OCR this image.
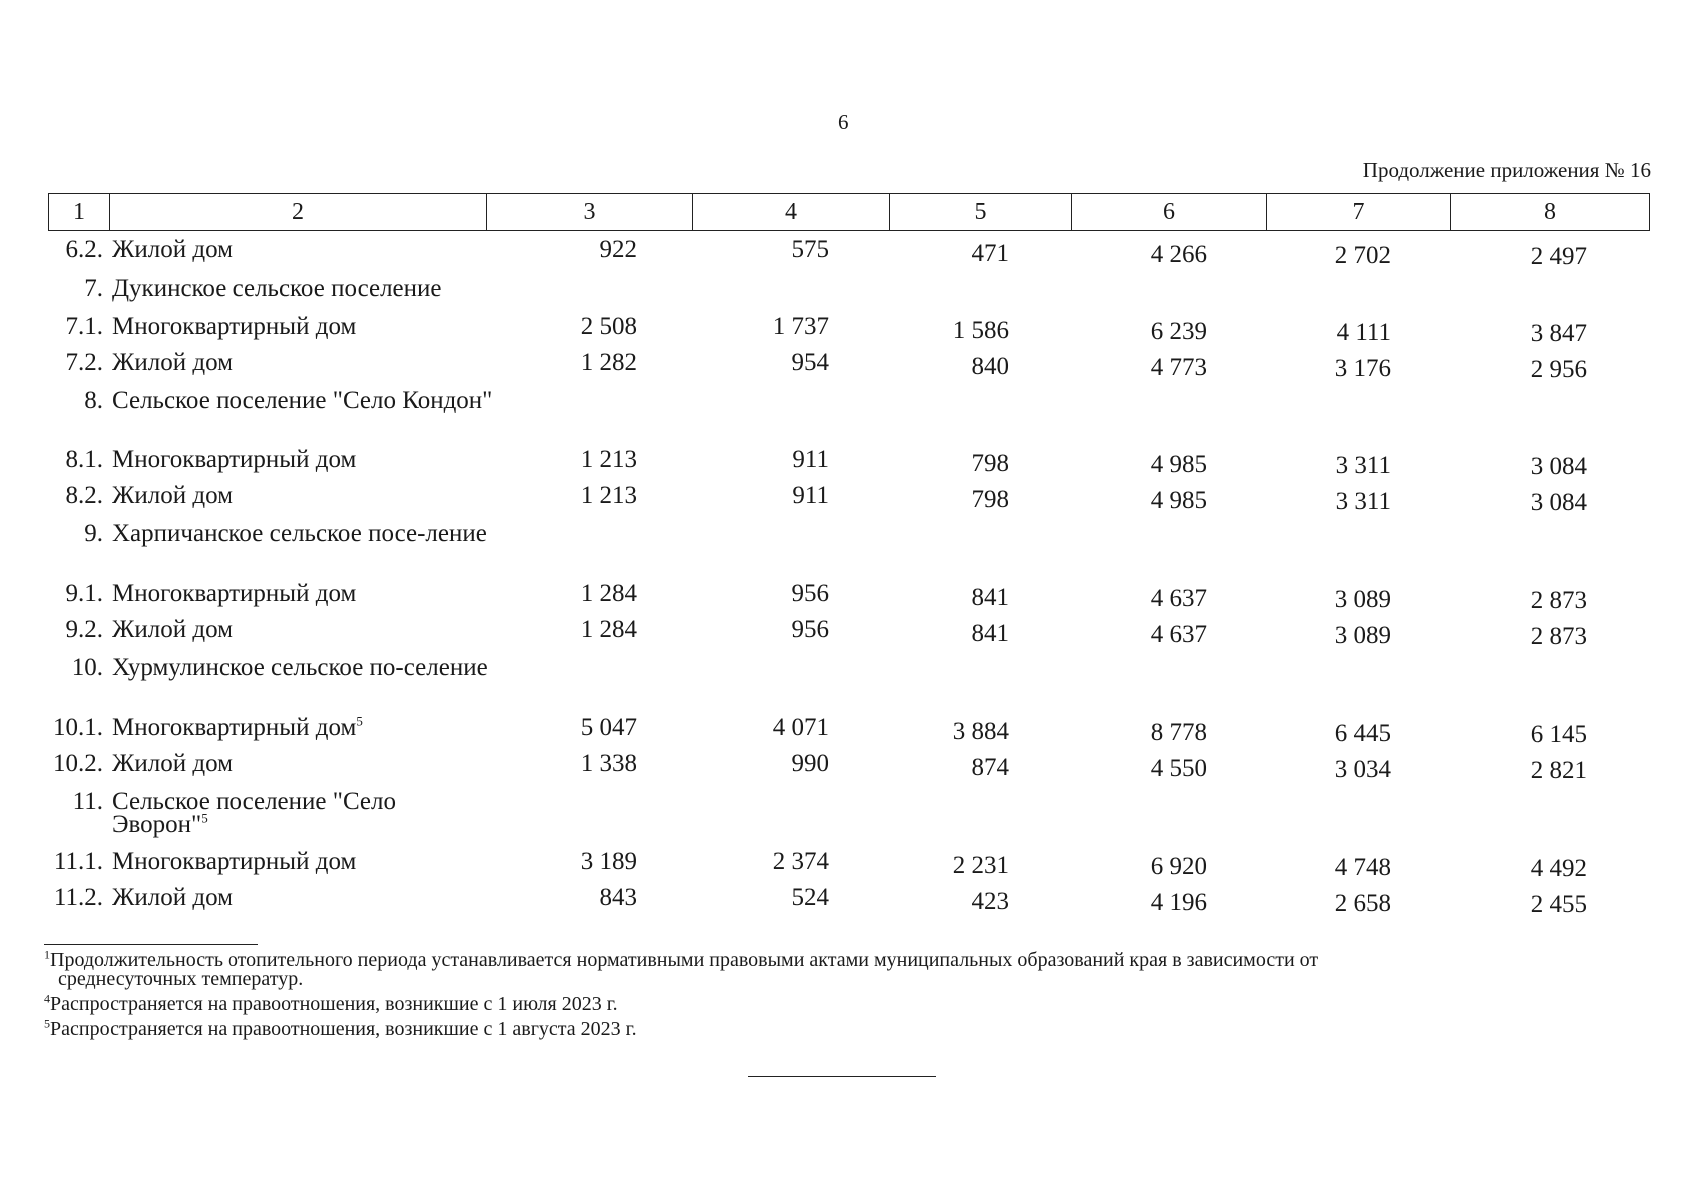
6
Продолжение приложения № 16
1	2	3	4	5	6	7	8
6.2. Жилой дом	922	575	471	4 266	2 702	2 497
7. Дукинское сельское поселение
7.1. Многоквартирный дом	2 508	1 737	1 586	6 239	4 111	3 847
7.2. Жилой дом	1 282	954	840	4 773	3 176	2 956
8. Сельское поселение "Село Кондон"
8.1. Многоквартирный дом	1 213	911	798	4 985	3 311	3 084
8.2. Жилой дом	1 213	911	798	4 985	3 311	3 084
9. Харпичанское сельское посе-ление
9.1. Многоквартирный дом	1 284	956	841	4 637	3 089	2 873
9.2. Жилой дом	1 284	956	841	4 637	3 089	2 873
10. Хурмулинское сельское по-селение
10.1. Многоквартирный дом$^5$	5 047	4 071	3 884	8 778	6 445	6 145
10.2. Жилой дом	1 338	990	874	4 550	3 034	2 821
11. Сельское поселение "Село Эворон"$^5$
11.1. Многоквартирный дом	3 189	2 374	2 231	6 920	4 748	4 492
11.2. Жилой дом	843	524	423	4 196	2 658	2 455
$^1$Продолжительность отопительного периода устанавливается нормативными правовыми актами муниципальных образований края в зависимости от
среднесуточных температур.
$^4$Распространяется на правоотношения, возникшие с 1 июля 2023 г.
$^5$Распространяется на правоотношения, возникшие с 1 августа 2023 г.
